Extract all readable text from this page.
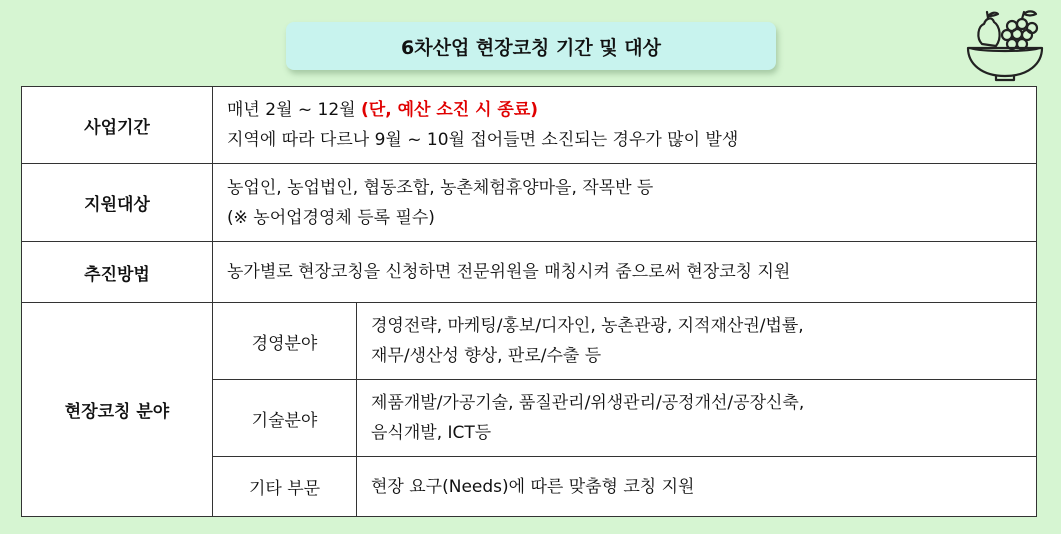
6차산업 현장코칭 기간 및 대상
사업기간	매년 2월 ~ 12월 (단, 예산 소진 시 종료)
지역에 따라 다르나 9월 ~ 10월 접어들면 소진되는 경우가 많이 발생	

지원대상	농업인, 농업법인, 협동조합, 농촌체험휴양마을, 작목반 등
(※ 농어업경영체 등록 필수)	

추진방법	농가별로 현장코칭을 신청하면 전문위원을 매칭시켜 줌으로써 현장코칭 지원	

현장코칭 분야	경영분야	경영전략, 마케팅/홍보/디자인, 농촌관광, 지적재산권/법률,
재무/생산성 향상, 판로/수출 등

	기술분야	제품개발/가공기술, 품질관리/위생관리/공정개선/공장신축,
음식개발, ICT등

	기타 부문	현장 요구(Needs)에 따른 맞춤형 코칭 지원
